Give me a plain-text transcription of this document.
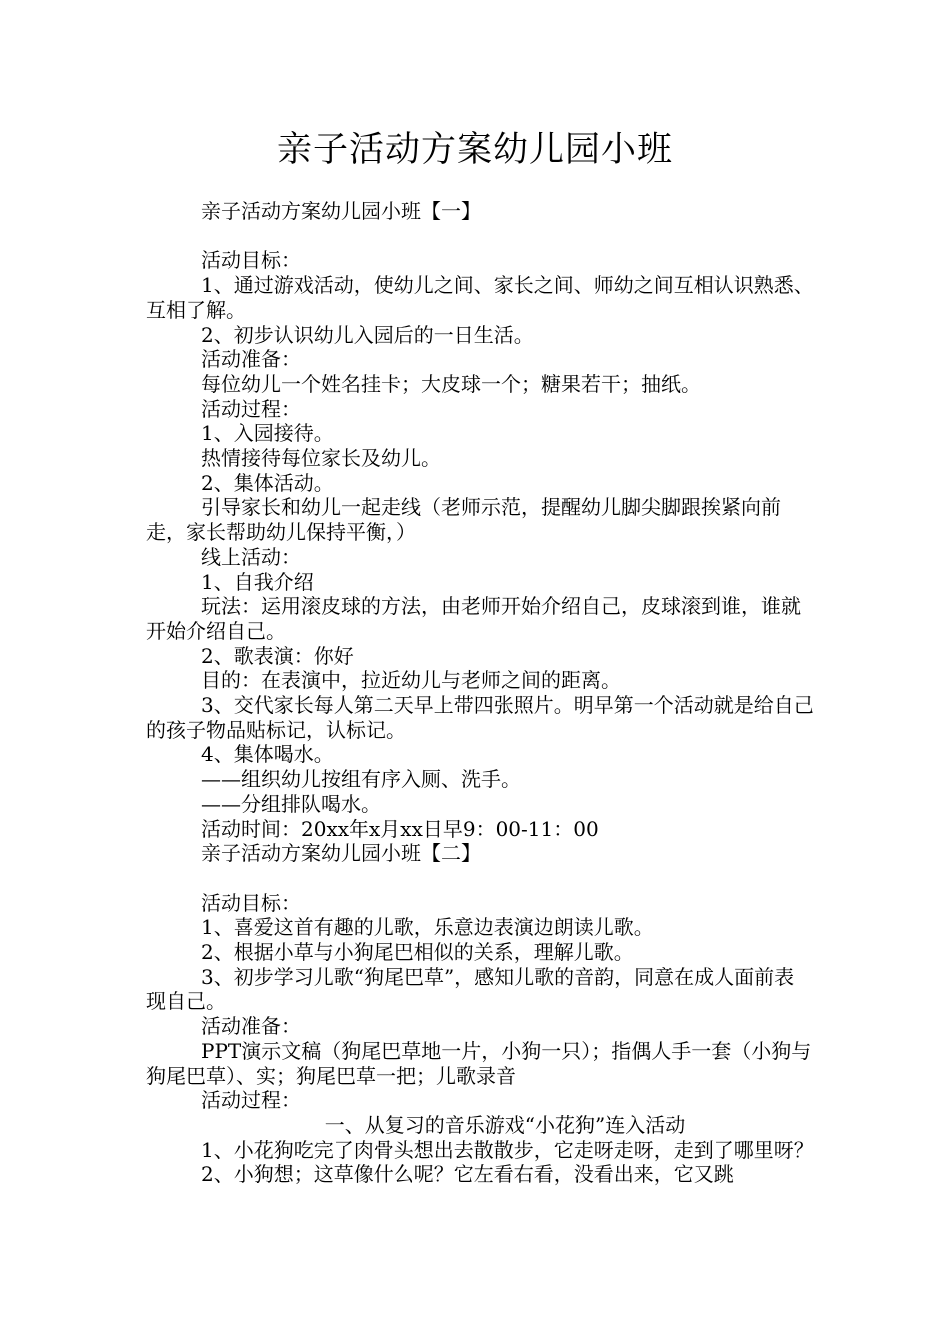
亲子活动方案幼儿园小班

亲子活动方案幼儿园小班【一】

活动目标：

1、通过游戏活动，使幼儿之间、家长之间、师幼之间互相认识熟悉、互相了解。

2、初步认识幼儿入园后的一日生活。

活动准备：

每位幼儿一个姓名挂卡；大皮球一个；糖果若干；抽纸。

活动过程：

1、入园接待。

热情接待每位家长及幼儿。

2、集体活动。

引导家长和幼儿一起走线（老师示范，提醒幼儿脚尖脚跟挨紧向前走，家长帮助幼儿保持平衡，）

线上活动：

1、自我介绍

玩法：运用滚皮球的方法，由老师开始介绍自己，皮球滚到谁，谁就开始介绍自己。

2、歌表演：你好

目的：在表演中，拉近幼儿与老师之间的距离。

3、交代家长每人第二天早上带四张照片。明早第一个活动就是给自己的孩子物品贴标记，认标记。

4、集体喝水。

——组织幼儿按组有序入厕、洗手。

——分组排队喝水。

活动时间：20xx年x月xx日早9：00-11：00

亲子活动方案幼儿园小班【二】

活动目标：

1、喜爱这首有趣的儿歌，乐意边表演边朗读儿歌。

2、根据小草与小狗尾巴相似的关系，理解儿歌。

3、初步学习儿歌“狗尾巴草”，感知儿歌的音韵，同意在成人面前表现自己。

活动准备：

PPT演示文稿（狗尾巴草地一片，小狗一只）；指偶人手一套（小狗与狗尾巴草）、实；狗尾巴草一把；儿歌录音

活动过程：

一、从复习的音乐游戏“小花狗”连入活动

1、小花狗吃完了肉骨头想出去散散步，它走呀走呀，走到了哪里呀？

2、小狗想；这草像什么呢？它左看右看，没看出来，它又跳
